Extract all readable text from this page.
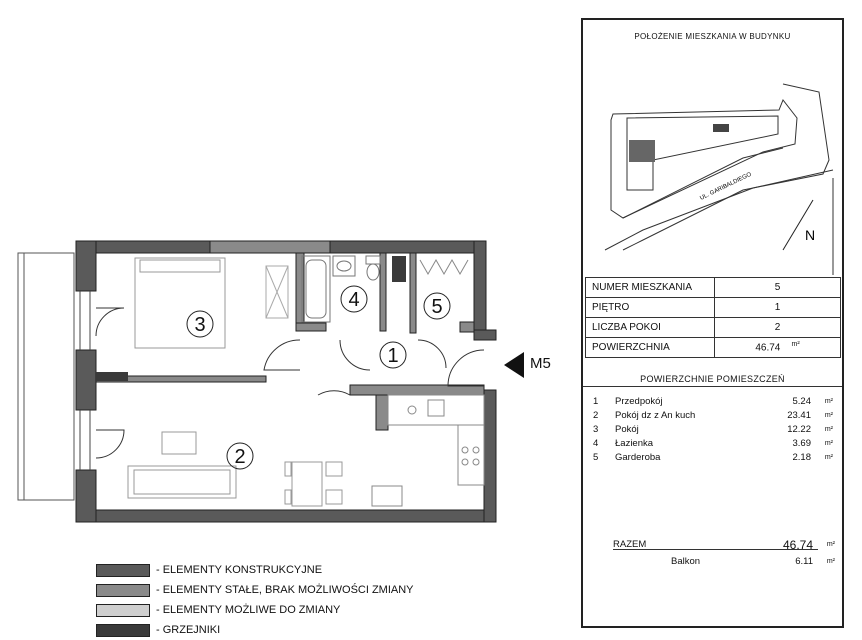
3
4	5
1
2
M5
- ELEMENTY KONSTRUKCYJNE
- ELEMENTY STAŁE, BRAK MOŻLIWOŚCI ZMIANY
- ELEMENTY MOŻLIWE DO ZMIANY
- GRZEJNIKI
POŁOŻENIE MIESZKANIA W BUDYNKU
UL. GARIBALDIEGO
N
NUMER MIESZKANIA	5
PIĘTRO	1
LICZBA POKOI	2
POWIERZCHNIA	46.74 $^{m^2}$
POWIERZCHNIE POMIESZCZEŃ
1	Przedpokój	5.24	m²
2	Pokój dz z An kuch	23.41	m²
3	Pokój	12.22	m²
4	Łazienka	3.69	m²
5	Garderoba	2.18	m²
RAZEM	46.74	m²
Balkon	6.11	m²
